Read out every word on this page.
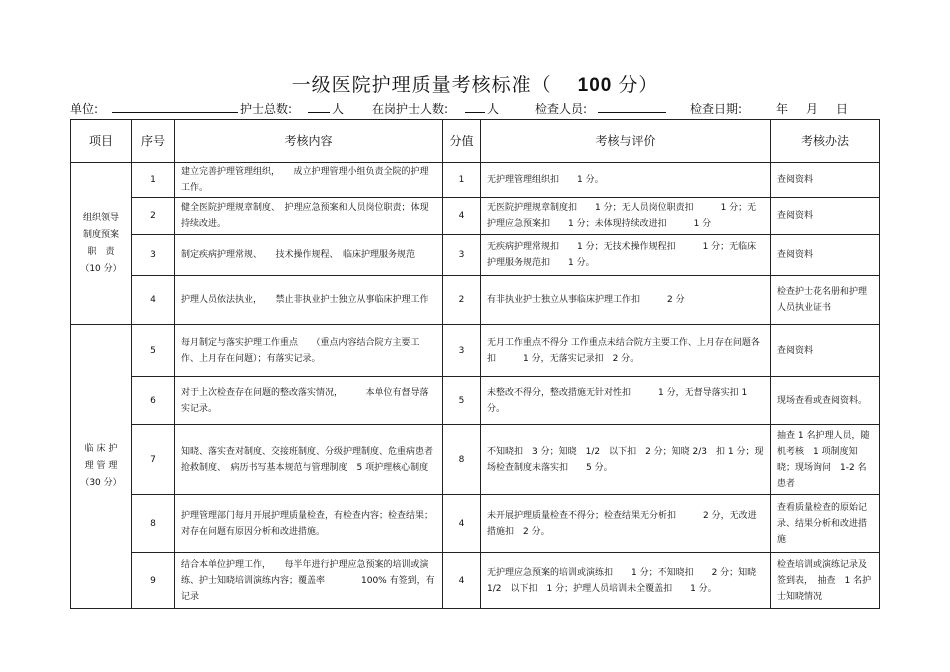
一级医院护理质量考核标准（ 100 分）
单位:	护士总数:	人 在岗护士人数:	人	检查人员:	检查日期:	年 月 日
项目	序号	考核内容	分值	考核与评价	考核办法

组织领导
制度预案
职　责
（10 分）	1	建立完善护理管理组织，　　成立护理管理小组负责全院的护理工作。	1	无护理管理组织扣　　1 分。	查阅资料
	2	健全医院护理规章制度、　护理应急预案和人员岗位职责；体现持续改进。	4	无医院护理规章制度扣　　1 分；无人员岗位职责扣　　　1 分；无护理应急预案扣　　1 分；未体现持续改进扣　　　1 分	查阅资料
	3	制定疾病护理常规、　　技术操作规程、　临床护理服务规范	3	无疾病护理常规扣　　1 分；无技术操作规程扣　　　1 分；无临床护理服务规范扣　　1 分。	查阅资料
	4	护理人员依法执业，　　禁止非执业护士独立从事临床护理工作	2	有非执业护士独立从事临床护理工作扣　　　2 分	检查护士花名册和护理人员执业证书

临 床 护
理 管 理
（30 分）	5	每月制定与落实护理工作重点　　（重点内容结合院方主要工作、上月存在问题）；有落实记录。	3	无月工作重点不得分 工作重点未结合院方主要工作、上月存在问题各扣　　　1 分，无落实记录扣　2 分。	查阅资料
	6	对于上次检查存在问题的整改落实情况，　　　本单位有督导落实记录。	5	未整改不得分，整改措施无针对性扣　　　1 分，无督导落实扣 1 分。	现场查看或查阅资料。
	7	知晓、落实查对制度、交接班制度、分级护理制度、危重病患者抢救制度、　病历书写基本规范与管理制度　5 项护理核心制度	8	不知晓扣　3 分；知晓　1/2　以下扣　2 分；知晓 2/3　扣 1 分；现场检查制度未落实扣　　5 分。	抽查 1 名护理人员，随机考核　1 项制度知晓；现场询问　1-2 名患者
	8	护理管理部门每月开展护理质量检查，有检查内容；检查结果；对存在问题有原因分析和改进措施。	4	未开展护理质量检查不得分；检查结果无分析扣　　　2 分，无改进措施扣　2 分。	查看质量检查的原始记录、结果分析和改进措施
	9	结合本单位护理工作，　　每半年进行护理应急预案的培训或演练、护士知晓培训演练内容；覆盖率　　　　100% 有签到，有记录	4	无护理应急预案的培训或演练扣　　1 分；不知晓扣　　2 分；知晓　1/2　以下扣　1 分；护理人员培训未全覆盖扣　　1 分。	检查培训或演练记录及签到表，　抽查　1 名护士知晓情况
